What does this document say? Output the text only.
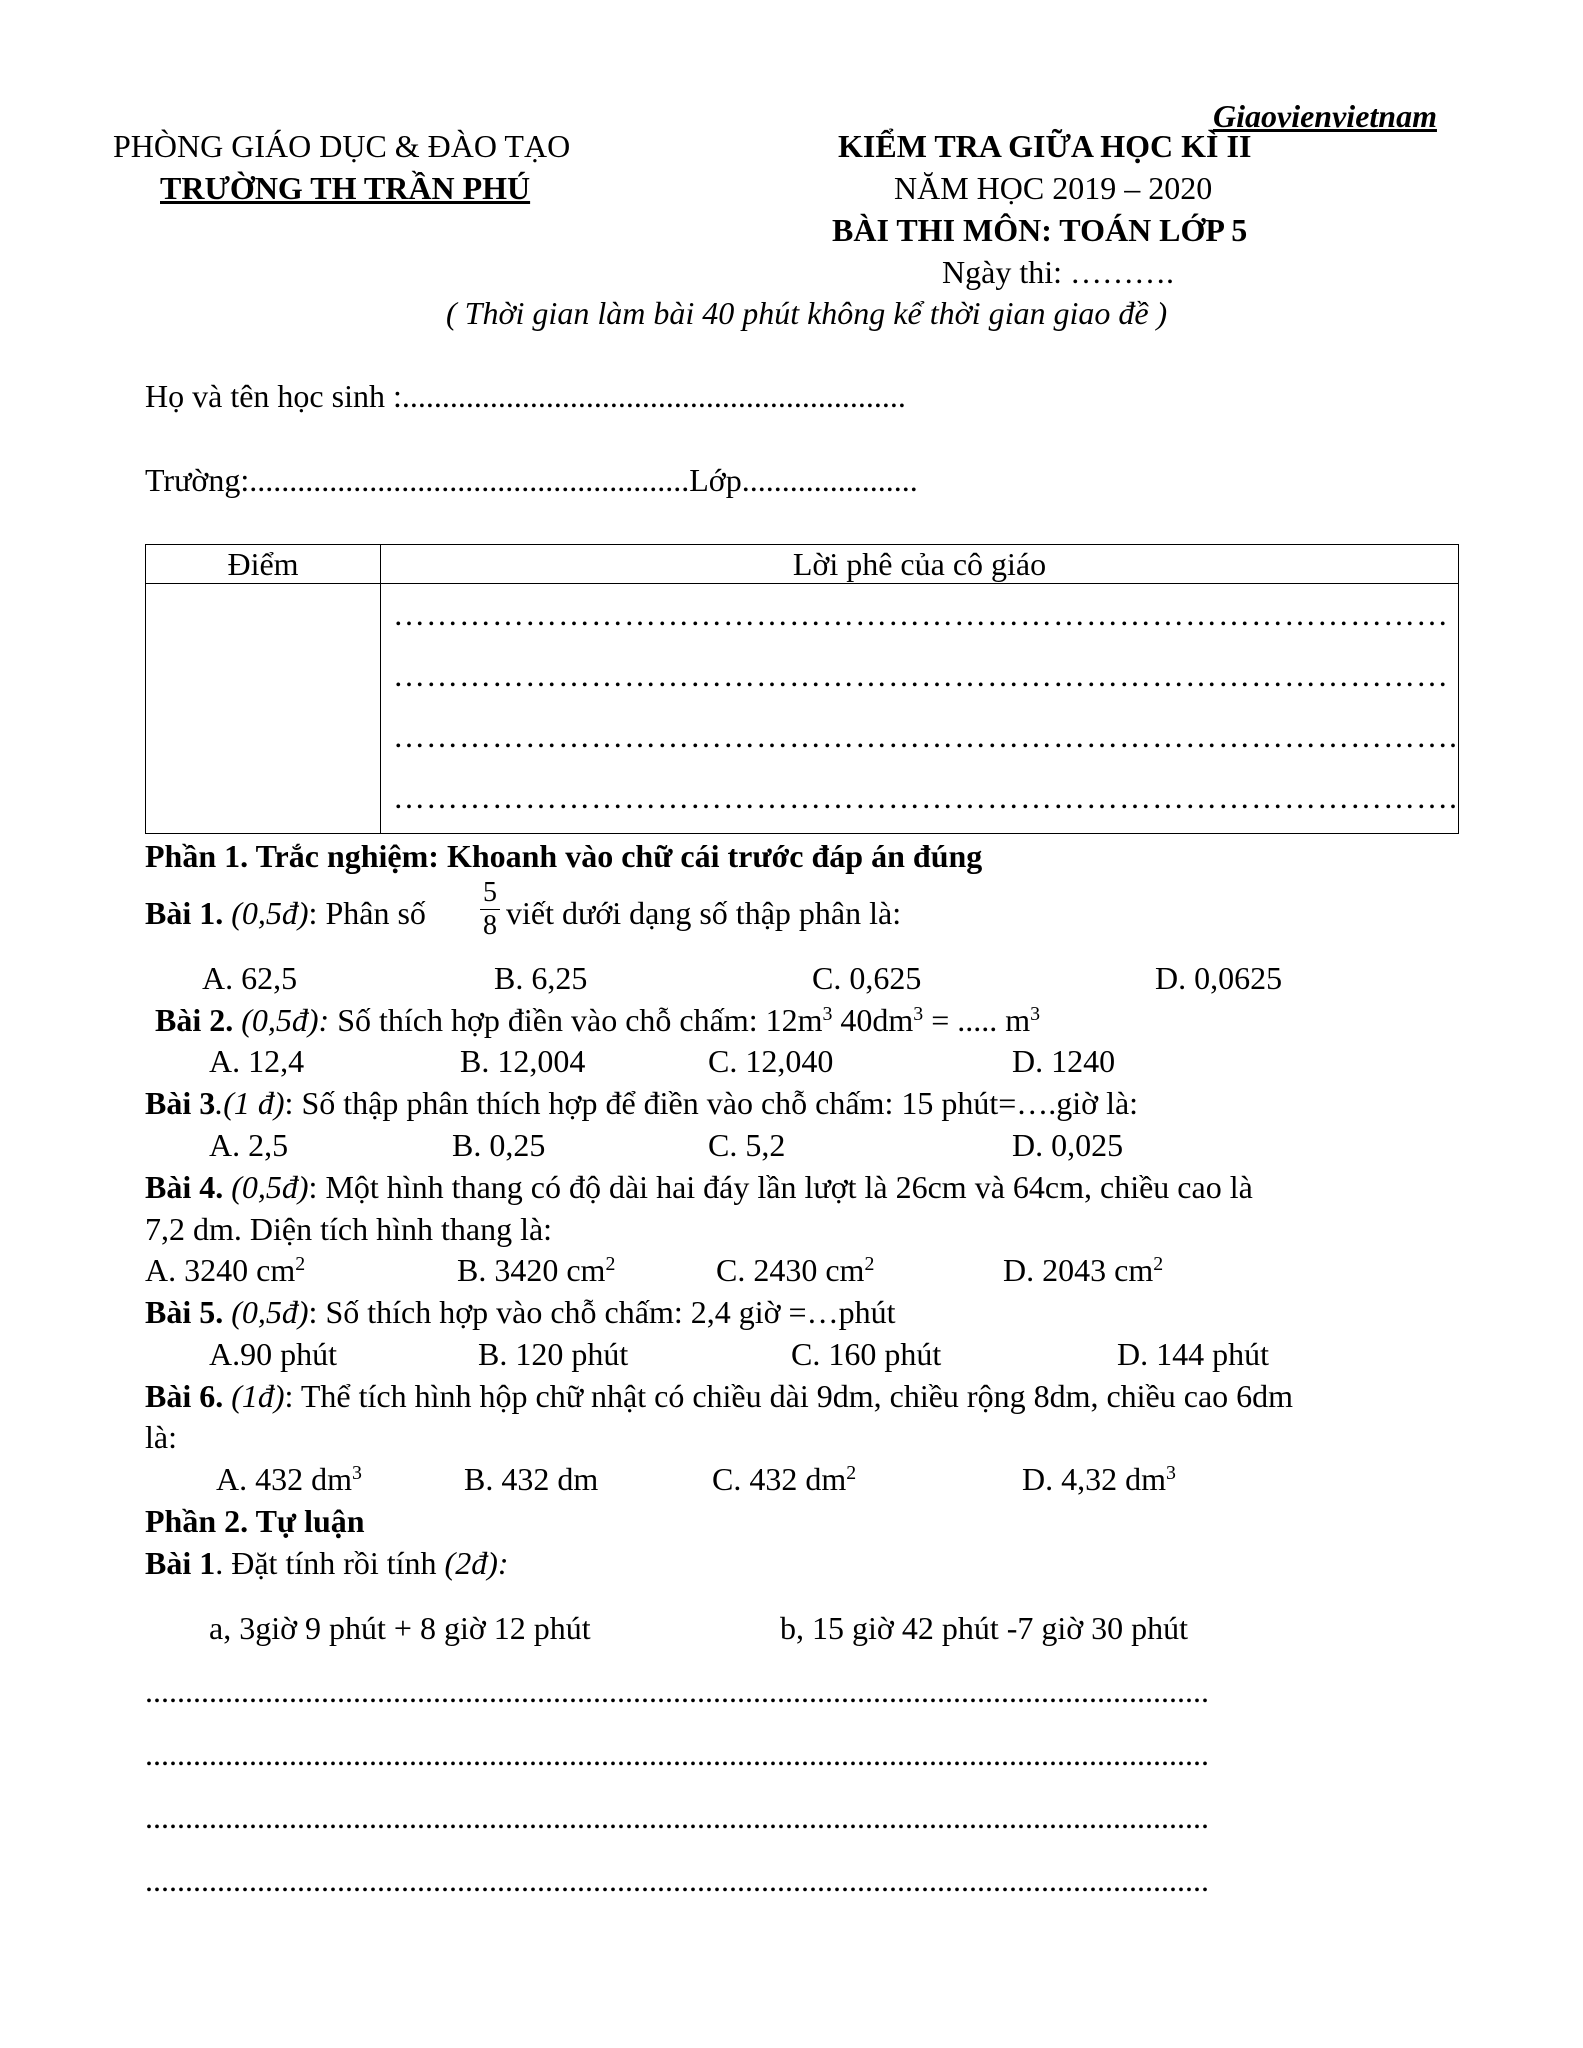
Giaovienvietnam
PHÒNG GIÁO DỤC & ĐÀO TẠO
TRƯỜNG TH TRẦN PHÚ
KIỂM TRA GIỮA HỌC KÌ II
NĂM HỌC 2019 – 2020
BÀI THI MÔN: TOÁN LỚP 5
Ngày thi: ……….
( Thời gian làm bài 40 phút không kể thời gian giao đề )
Họ và tên học sinh :...............................................................
Trường:.......................................................Lớp......................
Điểm	Lời phê của cô giáo

	……………………………………………………………………………………
……………………………………………………………………………………
…………………………………………………………………………………….
…………………………………………………………………………………….
Phần 1. Trắc nghiệm: Khoanh vào chữ cái trước đáp án đúng
Bài 1. (0,5đ): Phân số
5
8 viết dưới dạng số thập phân là:
A. 62,5	B. 6,25	C. 0,625	D. 0,0625
Bài 2. (0,5đ): Số thích hợp điền vào chỗ chấm: $12m^3$ $40dm^3$ = ..... $m^3$
A. 12,4	B. 12,004	C. 12,040	D. 1240
Bài 3.(1 đ): Số thập phân thích hợp để điền vào chỗ chấm: 15 phút=….giờ là:
A. 2,5	B. 0,25	C. 5,2	D. 0,025
Bài 4. (0,5đ): Một hình thang có độ dài hai đáy lần lượt là 26cm và 64cm, chiều cao là
7,2 dm. Diện tích hình thang là:
A. 3240 $cm^2$	B. 3420 $cm^2$	C. 2430 $cm^2$	D. 2043 $cm^2$
Bài 5. (0,5đ): Số thích hợp vào chỗ chấm: 2,4 giờ =…phút
A.90 phút	B. 120 phút	C. 160 phút	D. 144 phút
Bài 6. (1đ): Thể tích hình hộp chữ nhật có chiều dài 9dm, chiều rộng 8dm, chiều cao 6dm
là:
A. 432 $dm^3$	B. 432 dm	C. 432 $dm^2$	D. 4,32 $dm^3$
Phần 2. Tự luận
Bài 1. Đặt tính rồi tính (2đ):
a, 3giờ 9 phút + 8 giờ 12 phút	b, 15 giờ 42 phút -7 giờ 30 phút
.....................................................................................................................................
.....................................................................................................................................
.....................................................................................................................................
.....................................................................................................................................
